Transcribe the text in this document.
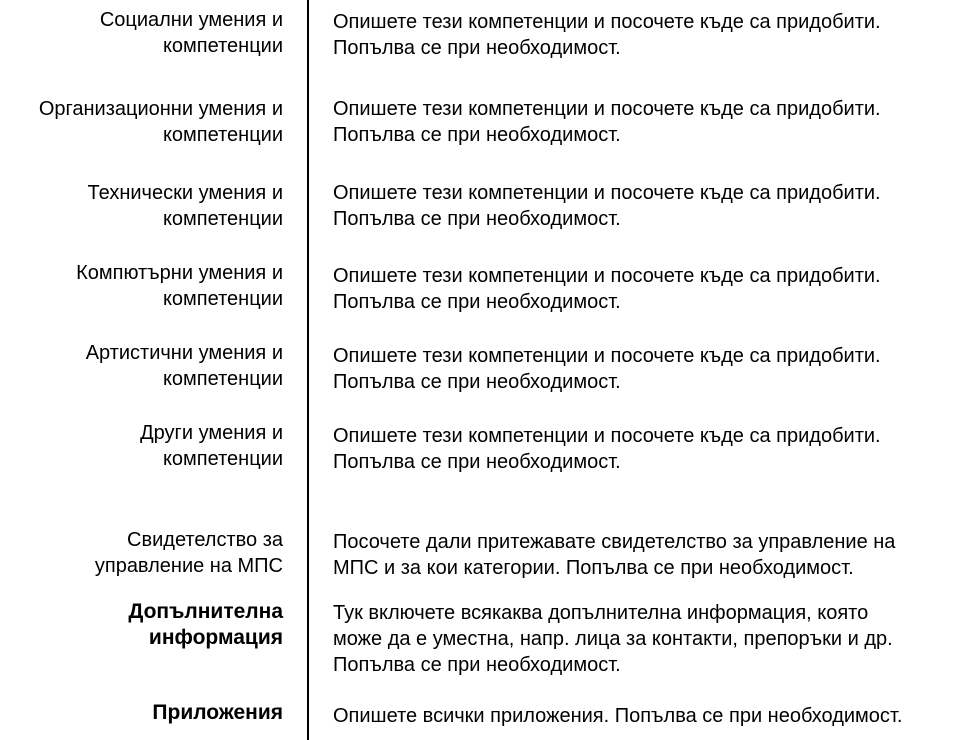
Социални умения и
компетенции
Опишете тези компетенции и посочете къде са придобити.
Попълва се при необходимост.
Организационни умения и
компетенции
Опишете тези компетенции и посочете къде са придобити.
Попълва се при необходимост.
Технически умения и
компетенции
Опишете тези компетенции и посочете къде са придобити.
Попълва се при необходимост.
Компютърни умения и
компетенции
Опишете тези компетенции и посочете къде са придобити.
Попълва се при необходимост.
Артистични умения и
компетенции
Опишете тези компетенции и посочете къде са придобити.
Попълва се при необходимост.
Други умения и
компетенции
Опишете тези компетенции и посочете къде са придобити.
Попълва се при необходимост.
Свидетелство за
управление на МПС
Посочете дали притежавате свидетелство за управление на
МПС и за кои категории. Попълва се при необходимост.
Допълнителна
информация
Тук включете всякаква допълнителна информация, която
може да е уместна, напр. лица за контакти, препоръки и др.
Попълва се при необходимост.
Приложения	Опишете всички приложения. Попълва се при необходимост.
